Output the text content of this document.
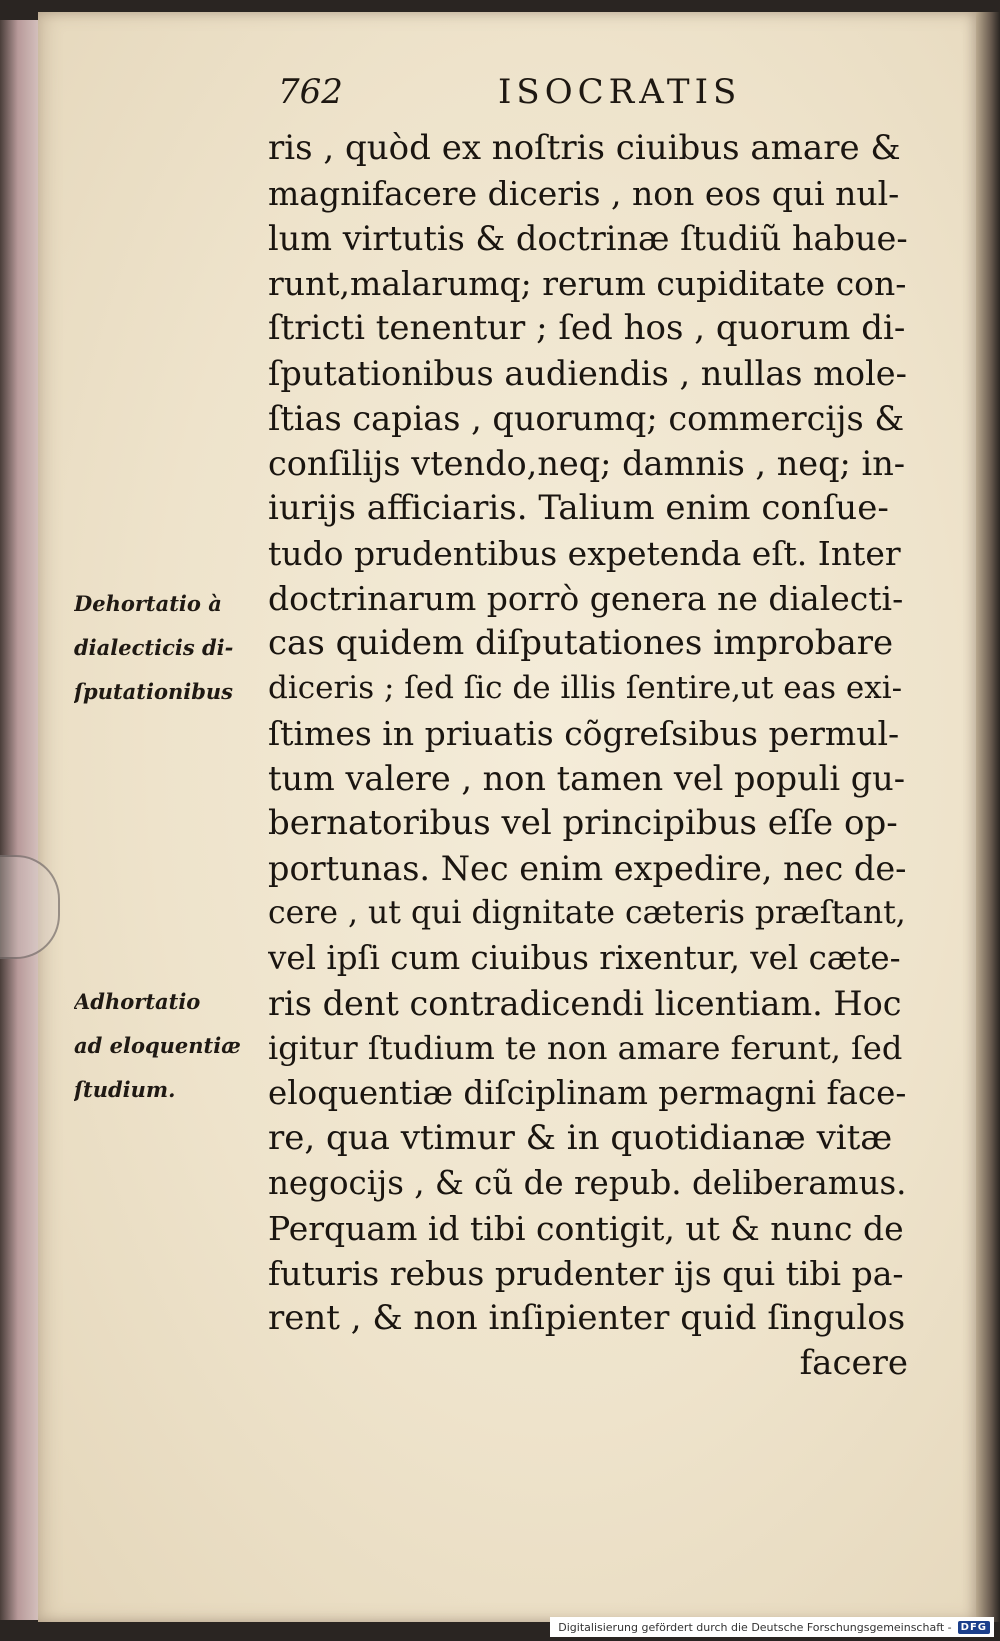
762	ISOCRATIS
ris , quòd ex noſtris ciuibus amare &
magnifacere diceris , non eos qui nul-
lum virtutis & doctrinæ ſtudiũ habue-
runt,malarumq; rerum cupiditate con-
ſtricti tenentur ; ſed hos , quorum di-
ſputationibus audiendis , nullas mole-
ſtias capias , quorumq; commercijs &
conſilijs vtendo,neq; damnis , neq; in-
iurijs afficiaris. Talium enim conſue-
tudo prudentibus expetenda eſt. Inter
doctrinarum porrò genera ne dialecti-
cas quidem diſputationes improbare
diceris ; ſed ſic de illis ſentire,ut eas exi-
ſtimes in priuatis cõgreſsibus permul-
tum valere , non tamen vel populi gu-
bernatoribus vel principibus eſſe op-
portunas. Nec enim expedire, nec de-
cere , ut qui dignitate cæteris præſtant,
vel ipſi cum ciuibus rixentur, vel cæte-
ris dent contradicendi licentiam. Hoc
igitur ſtudium te non amare ferunt, ſed
eloquentiæ diſciplinam permagni face-
re, qua vtimur & in quotidianæ vitæ
negocijs , & cũ de repub. deliberamus.
Perquam id tibi contigit, ut & nunc de
futuris rebus prudenter ijs qui tibi pa-
rent , & non inſipienter quid ſingulos
facere
Dehortatio à
dialecticis di-
ſputationibus
Adhortatio
ad eloquentiæ
ſtudium.
Digitalisierung gefördert durch die Deutsche Forschungsgemeinschaft - DFG
